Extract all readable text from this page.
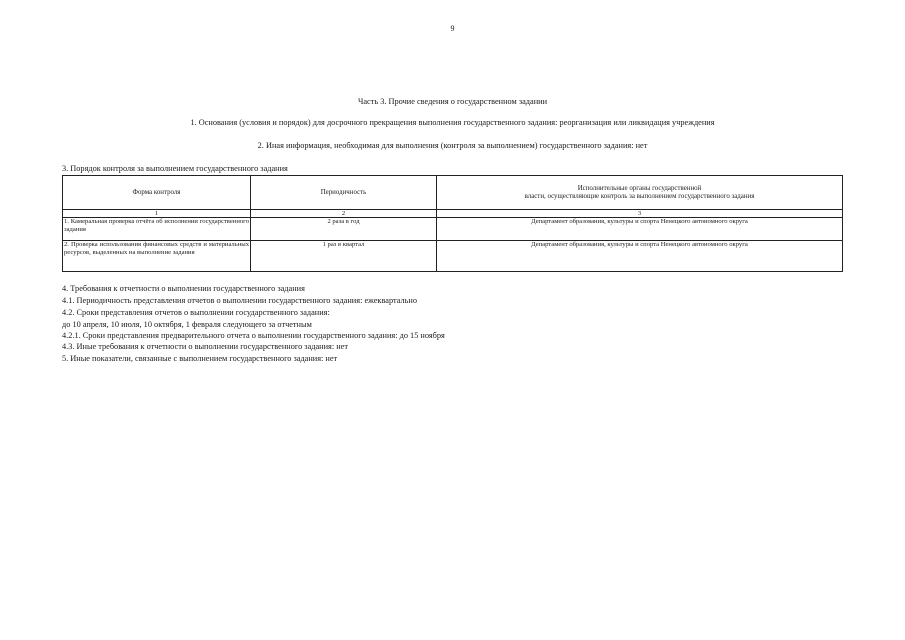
9
Часть 3. Прочие сведения о государственном задании
1. Основания (условия и порядок) для досрочного прекращения выполнения государственного задания: реорганизация или ликвидация учреждения
2. Иная информация, необходимая для выполнения (контроля за выполнением) государственного задания: нет
3. Порядок контроля за выполнением государственного задания
Форма контроля	Периодичность	Исполнительные органы государственной
власти, осуществляющие контроль за выполнением государственного задания

1	2	3
1. Камеральная проверка отчёта об исполнении государственного задания	2 раза в год	Департамент образования, культуры и спорта Ненецкого автономного округа
2. Проверка использования финансовых средств и материальных ресурсов, выделенных на выполнение задания	1 раз в квартал	Департамент образования, культуры и спорта Ненецкого автономного округа
4. Требования к отчетности о выполнении государственного задания
4.1. Периодичность представления отчетов о выполнении государственного задания: ежеквартально
4.2. Сроки представления отчетов о выполнении государственного задания:
до 10 апреля, 10 июля, 10 октября, 1 февраля следующего за отчетным
4.2.1. Сроки представления предварительного отчета о выполнении государственного задания: до 15 ноября
4.3. Иные требования к отчетности о выполнении государственного задания: нет
5. Иные показатели, связанные с выполнением государственного задания: нет
